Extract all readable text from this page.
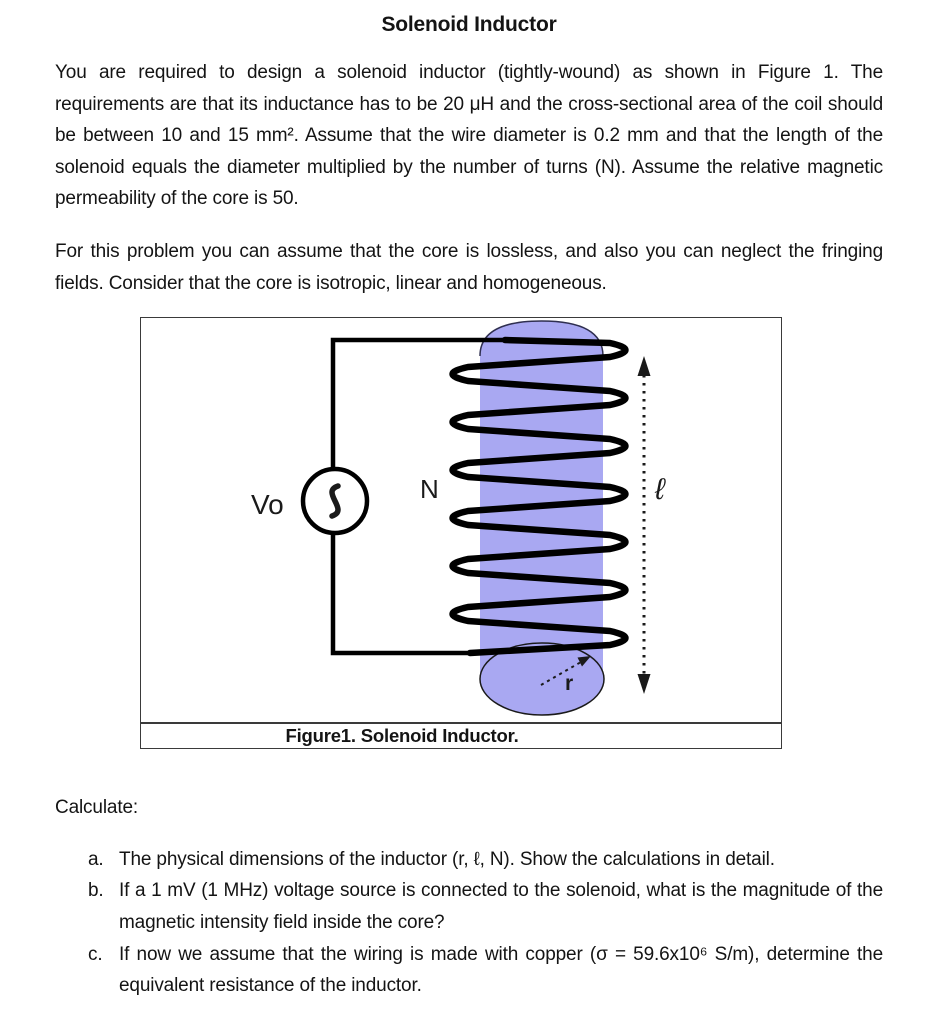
Solenoid Inductor

You are required to design a solenoid inductor (tightly-wound) as shown in Figure 1. The requirements are that its inductance has to be 20 μH and the cross-sectional area of the coil should be between 10 and 15 mm². Assume that the wire diameter is 0.2 mm and that the length of the solenoid equals the diameter multiplied by the number of turns (N). Assume the relative magnetic permeability of the core is 50.

For this problem you can assume that the core is lossless, and also you can neglect the fringing fields. Consider that the core is isotropic, linear and homogeneous.

Vo	N	ℓ
r
Figure1. Solenoid Inductor.

Calculate:

a. The physical dimensions of the inductor (r, ℓ, N). Show the calculations in detail.
b. If a 1 mV (1 MHz) voltage source is connected to the solenoid, what is the magnitude of the magnetic intensity field inside the core?
c. If now we assume that the wiring is made with copper (σ = 59.6x10⁶ S/m), determine the equivalent resistance of the inductor.
